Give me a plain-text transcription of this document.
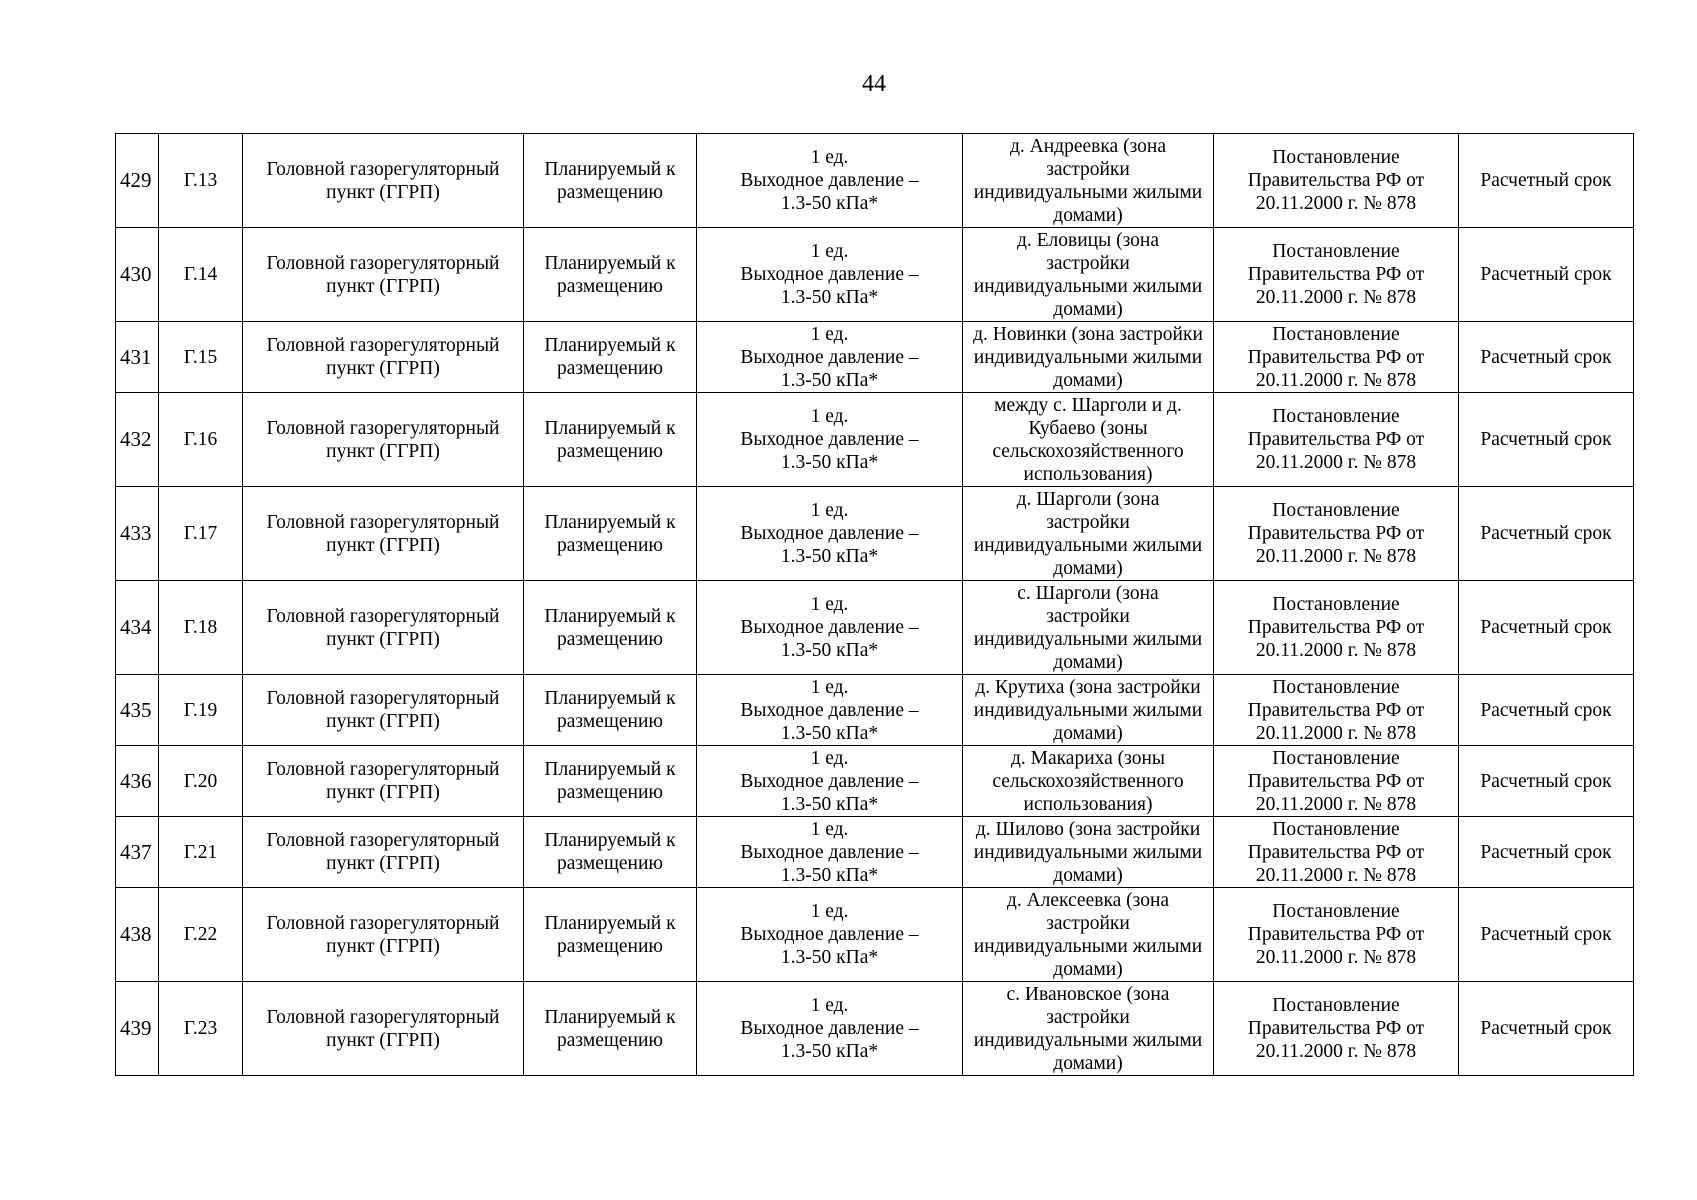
44
429	Г.13	Головной газорегуляторный
пункт (ГГРП)	Планируемый к
размещению	1 ед.
Выходное давление –
1.3-50 кПа*	д. Андреевка (зона
застройки
индивидуальными жилыми
домами)	Постановление
Правительства РФ от
20.11.2000 г. № 878	Расчетный срок
430	Г.14	Головной газорегуляторный
пункт (ГГРП)	Планируемый к
размещению	1 ед.
Выходное давление –
1.3-50 кПа*	д. Еловицы (зона
застройки
индивидуальными жилыми
домами)	Постановление
Правительства РФ от
20.11.2000 г. № 878	Расчетный срок
431	Г.15	Головной газорегуляторный
пункт (ГГРП)	Планируемый к
размещению	1 ед.
Выходное давление –
1.3-50 кПа*	д. Новинки (зона застройки
индивидуальными жилыми
домами)	Постановление
Правительства РФ от
20.11.2000 г. № 878	Расчетный срок
432	Г.16	Головной газорегуляторный
пункт (ГГРП)	Планируемый к
размещению	1 ед.
Выходное давление –
1.3-50 кПа*	между с. Шарголи и д.
Кубаево (зоны
сельскохозяйственного
использования)	Постановление
Правительства РФ от
20.11.2000 г. № 878	Расчетный срок
433	Г.17	Головной газорегуляторный
пункт (ГГРП)	Планируемый к
размещению	1 ед.
Выходное давление –
1.3-50 кПа*	д. Шарголи (зона
застройки
индивидуальными жилыми
домами)	Постановление
Правительства РФ от
20.11.2000 г. № 878	Расчетный срок
434	Г.18	Головной газорегуляторный
пункт (ГГРП)	Планируемый к
размещению	1 ед.
Выходное давление –
1.3-50 кПа*	с. Шарголи (зона
застройки
индивидуальными жилыми
домами)	Постановление
Правительства РФ от
20.11.2000 г. № 878	Расчетный срок
435	Г.19	Головной газорегуляторный
пункт (ГГРП)	Планируемый к
размещению	1 ед.
Выходное давление –
1.3-50 кПа*	д. Крутиха (зона застройки
индивидуальными жилыми
домами)	Постановление
Правительства РФ от
20.11.2000 г. № 878	Расчетный срок
436	Г.20	Головной газорегуляторный
пункт (ГГРП)	Планируемый к
размещению	1 ед.
Выходное давление –
1.3-50 кПа*	д. Макариха (зоны
сельскохозяйственного
использования)	Постановление
Правительства РФ от
20.11.2000 г. № 878	Расчетный срок
437	Г.21	Головной газорегуляторный
пункт (ГГРП)	Планируемый к
размещению	1 ед.
Выходное давление –
1.3-50 кПа*	д. Шилово (зона застройки
индивидуальными жилыми
домами)	Постановление
Правительства РФ от
20.11.2000 г. № 878	Расчетный срок
438	Г.22	Головной газорегуляторный
пункт (ГГРП)	Планируемый к
размещению	1 ед.
Выходное давление –
1.3-50 кПа*	д. Алексеевка (зона
застройки
индивидуальными жилыми
домами)	Постановление
Правительства РФ от
20.11.2000 г. № 878	Расчетный срок
439	Г.23	Головной газорегуляторный
пункт (ГГРП)	Планируемый к
размещению	1 ед.
Выходное давление –
1.3-50 кПа*	с. Ивановское (зона
застройки
индивидуальными жилыми
домами)	Постановление
Правительства РФ от
20.11.2000 г. № 878	Расчетный срок
